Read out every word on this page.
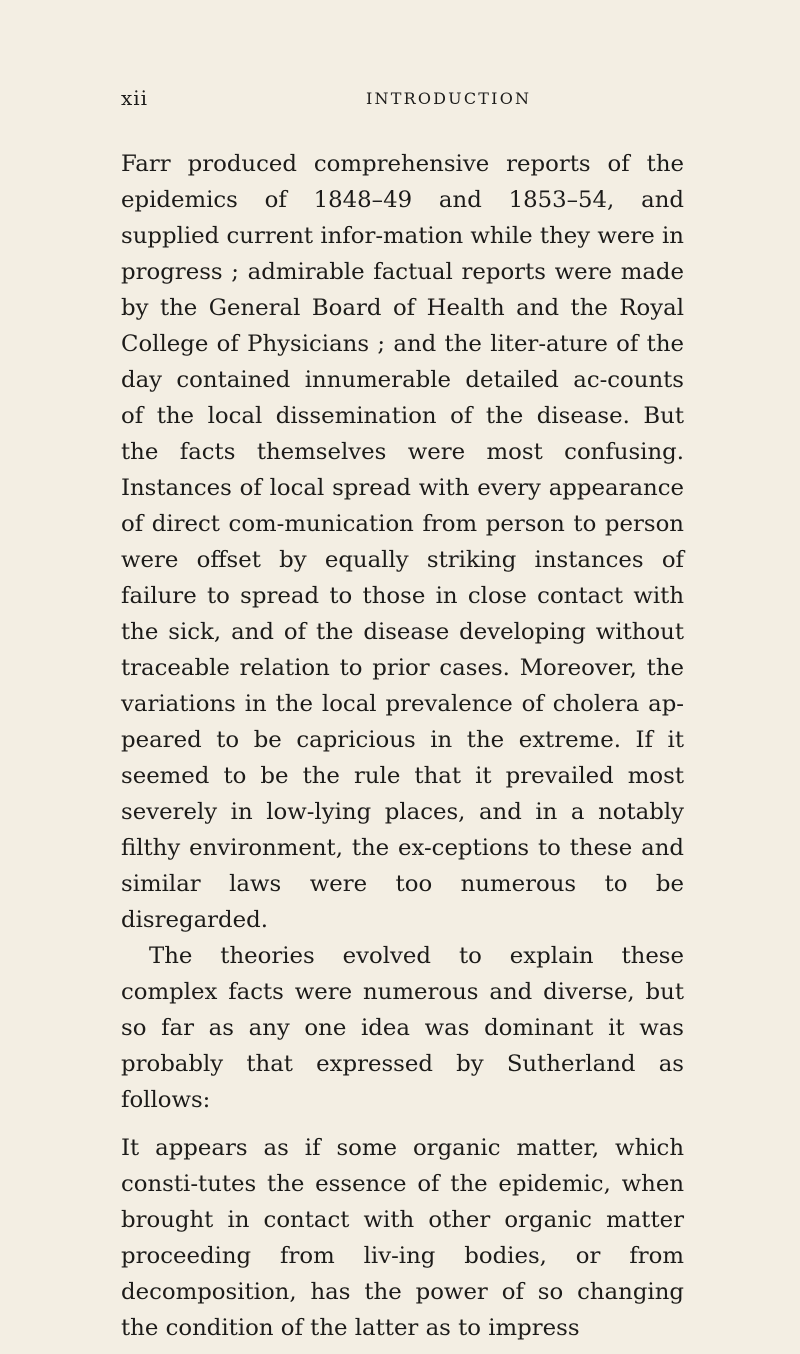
xii	INTRODUCTION

Farr produced comprehensive reports of the epidemics of 1848–49 and 1853–54, and supplied current infor-mation while they were in progress ; admirable factual reports were made by the General Board of Health and the Royal College of Physicians ; and the liter-ature of the day contained innumerable detailed ac-counts of the local dissemination of the disease. But the facts themselves were most confusing. Instances of local spread with every appearance of direct com-munication from person to person were offset by equally striking instances of failure to spread to those in close contact with the sick, and of the disease developing without traceable relation to prior cases. Moreover, the variations in the local prevalence of cholera ap-peared to be capricious in the extreme. If it seemed to be the rule that it prevailed most severely in low-lying places, and in a notably filthy environment, the ex-ceptions to these and similar laws were too numerous to be disregarded.

The theories evolved to explain these complex facts were numerous and diverse, but so far as any one idea was dominant it was probably that expressed by Sutherland as follows:

It appears as if some organic matter, which consti-tutes the essence of the epidemic, when brought in contact with other organic matter proceeding from liv-ing bodies, or from decomposition, has the power of so changing the condition of the latter as to impress
